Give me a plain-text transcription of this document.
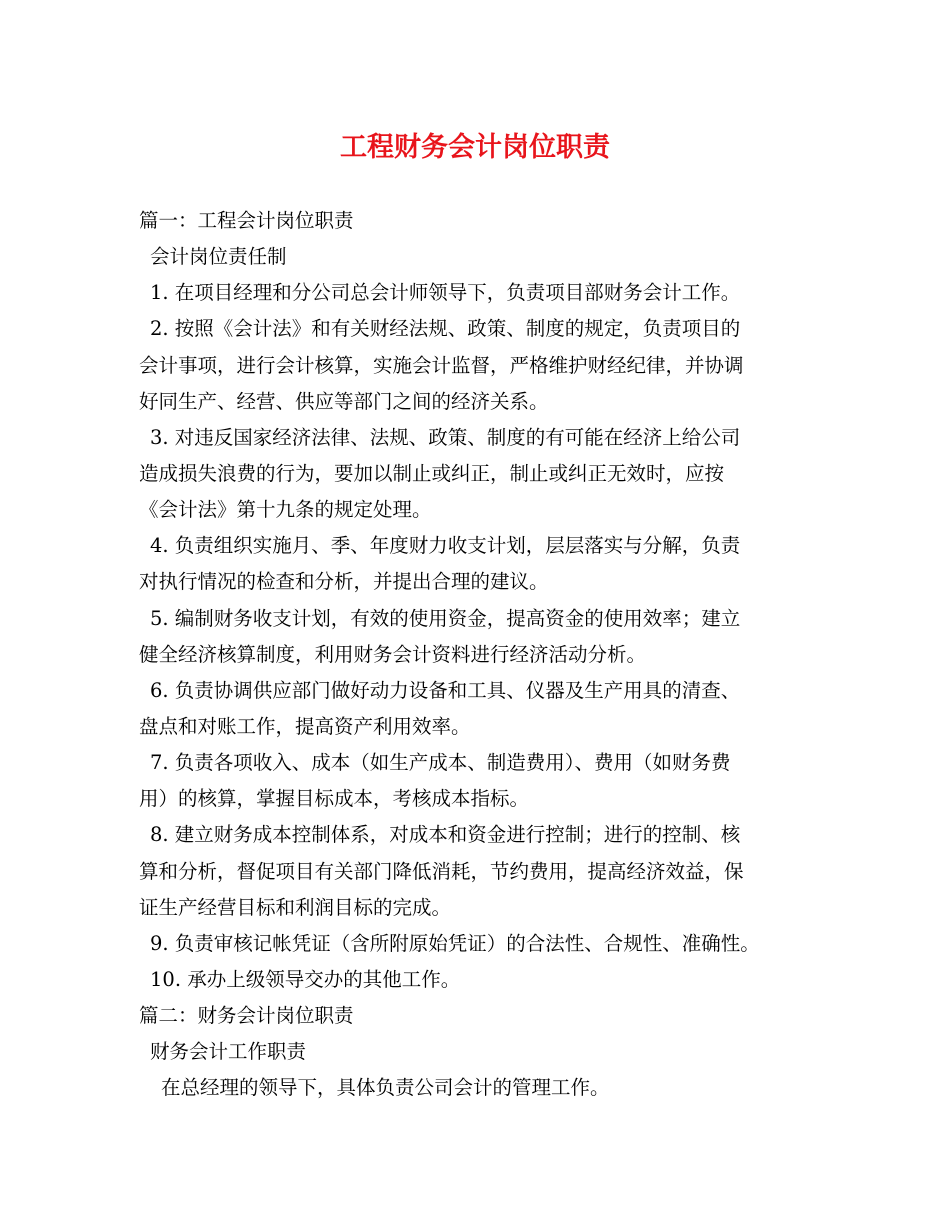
工程财务会计岗位职责
篇一：工程会计岗位职责
会计岗位责任制
1. 在项目经理和分公司总会计师领导下，负责项目部财务会计工作。
2. 按照《会计法》和有关财经法规、政策、制度的规定，负责项目的
会计事项，进行会计核算，实施会计监督，严格维护财经纪律，并协调
好同生产、经营、供应等部门之间的经济关系。
3. 对违反国家经济法律、法规、政策、制度的有可能在经济上给公司
造成损失浪费的行为，要加以制止或纠正，制止或纠正无效时，应按
《会计法》第十九条的规定处理。
4. 负责组织实施月、季、年度财力收支计划，层层落实与分解，负责
对执行情况的检查和分析，并提出合理的建议。
5. 编制财务收支计划，有效的使用资金，提高资金的使用效率；建立
健全经济核算制度，利用财务会计资料进行经济活动分析。
6. 负责协调供应部门做好动力设备和工具、仪器及生产用具的清查、
盘点和对账工作，提高资产利用效率。
7. 负责各项收入、成本（如生产成本、制造费用）、费用（如财务费
用）的核算，掌握目标成本，考核成本指标。
8. 建立财务成本控制体系，对成本和资金进行控制；进行的控制、核
算和分析，督促项目有关部门降低消耗，节约费用，提高经济效益，保
证生产经营目标和利润目标的完成。
9. 负责审核记帐凭证（含所附原始凭证）的合法性、合规性、准确性。
10. 承办上级领导交办的其他工作。
篇二：财务会计岗位职责
财务会计工作职责
在总经理的领导下，具体负责公司会计的管理工作。
